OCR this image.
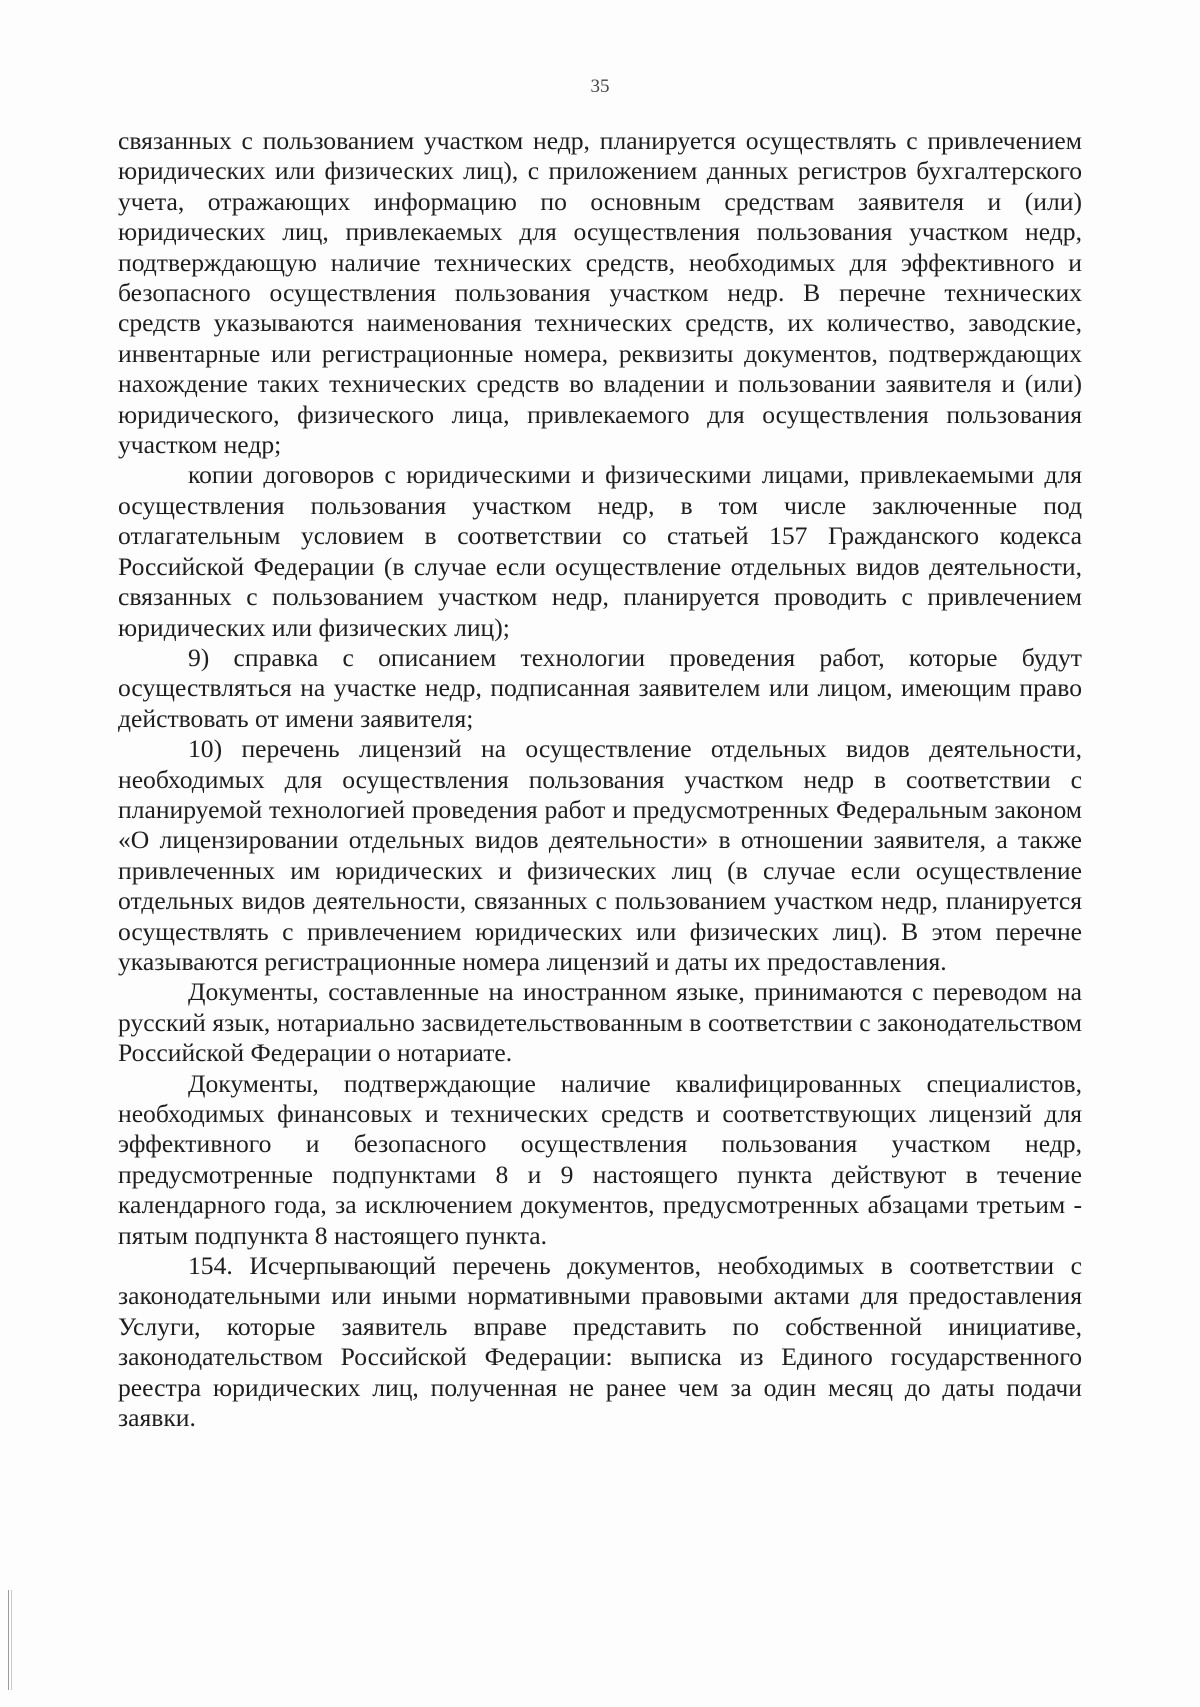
35

связанных с пользованием участком недр, планируется осуществлять с привлечением юридических или физических лиц), с приложением данных регистров бухгалтерского учета, отражающих информацию по основным средствам заявителя и (или) юридических лиц, привлекаемых для осуществления пользования участком недр, подтверждающую наличие технических средств, необходимых для эффективного и безопасного осуществления пользования участком недр. В перечне технических средств указываются наименования технических средств, их количество, заводские, инвентарные или регистрационные номера, реквизиты документов, подтверждающих нахождение таких технических средств во владении и пользовании заявителя и (или) юридического, физического лица, привлекаемого для осуществления пользования участком недр;

копии договоров с юридическими и физическими лицами, привлекаемыми для осуществления пользования участком недр, в том числе заключенные под отлагательным условием в соответствии со статьей 157 Гражданского кодекса Российской Федерации (в случае если осуществление отдельных видов деятельности, связанных с пользованием участком недр, планируется проводить с привлечением юридических или физических лиц);

9) справка с описанием технологии проведения работ, которые будут осуществляться на участке недр, подписанная заявителем или лицом, имеющим право действовать от имени заявителя;

10) перечень лицензий на осуществление отдельных видов деятельности, необходимых для осуществления пользования участком недр в соответствии с планируемой технологией проведения работ и предусмотренных Федеральным законом «О лицензировании отдельных видов деятельности» в отношении заявителя, а также привлеченных им юридических и физических лиц (в случае если осуществление отдельных видов деятельности, связанных с пользованием участком недр, планируется осуществлять с привлечением юридических или физических лиц). В этом перечне указываются регистрационные номера лицензий и даты их предоставления.

Документы, составленные на иностранном языке, принимаются с переводом на русский язык, нотариально засвидетельствованным в соответствии с законодательством Российской Федерации о нотариате.

Документы, подтверждающие наличие квалифицированных специалистов, необходимых финансовых и технических средств и соответствующих лицензий для эффективного и безопасного осуществления пользования участком недр, предусмотренные подпунктами 8 и 9 настоящего пункта действуют в течение календарного года, за исключением документов, предусмотренных абзацами третьим - пятым подпункта 8 настоящего пункта.

154. Исчерпывающий перечень документов, необходимых в соответствии с законодательными или иными нормативными правовыми актами для предоставления Услуги, которые заявитель вправе представить по собственной инициативе, законодательством Российской Федерации: выписка из Единого государственного реестра юридических лиц, полученная не ранее чем за один месяц до даты подачи заявки.
